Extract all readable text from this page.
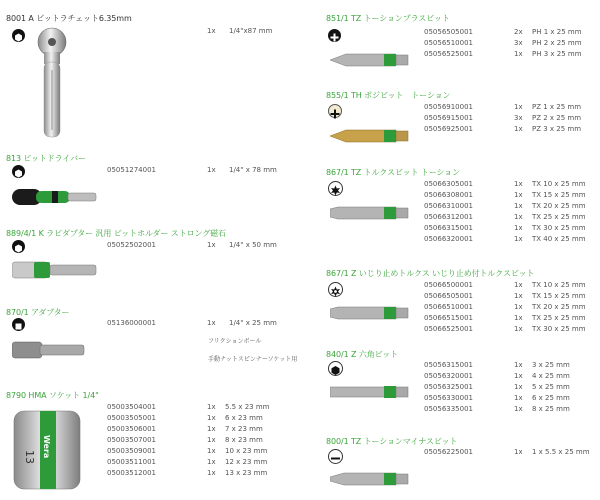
8001 A ビットラチェット6.35mm
1x 1/4"x87 mm
813 ビットドライバー
05051274001	1x 1/4" x 78 mm
889/4/1 K ラピダプター 汎用 ビットホルダー ストロング磁石
05052502001	1x 1/4" x 50 mm
870/1 アダプター
05136000001	1x 1/4" x 25 mm
フリクションボール
手動ナットスピンナーソケット用
8790 HMA ソケット 1/4"
13 Wera
05003504001	1x 5.5 x 23 mm
05003505001	1x 6 x 23 mm
05003506001	1x 7 x 23 mm
05003507001	1x 8 x 23 mm
05003509001	1x 10 x 23 mm
05003511001	1x 12 x 23 mm
05003512001	1x 13 x 23 mm
851/1 TZ トーションプラスビット
05056505001	2x PH 1 x 25 mm
05056510001	3x PH 2 x 25 mm
05056525001	1x PH 3 x 25 mm
855/1 TH ポジビット　トーション
05056910001	1x PZ 1 x 25 mm
05056915001	3x PZ 2 x 25 mm
05056925001	1x PZ 3 x 25 mm
867/1 TZ トルクスビット トーション
05066305001	1x TX 10 x 25 mm
05066308001	1x TX 15 x 25 mm
05066310001	1x TX 20 x 25 mm
05066312001	1x TX 25 x 25 mm
05066315001	1x TX 30 x 25 mm
05066320001	1x TX 40 x 25 mm
867/1 Z いじり止めトルクス いじり止め付トルクスビット
05066500001	1x TX 10 x 25 mm
05066505001	1x TX 15 x 25 mm
05066510001	1x TX 20 x 25 mm
05066515001	1x TX 25 x 25 mm
05066525001	1x TX 30 x 25 mm
840/1 Z 六角ビット
05056315001	1x 3 x 25 mm
05056320001	1x 4 x 25 mm
05056325001	1x 5 x 25 mm
05056330001	1x 6 x 25 mm
05056335001	1x 8 x 25 mm
800/1 TZ トーションマイナスビット
05056225001	1x 1 x 5.5 x 25 mm
